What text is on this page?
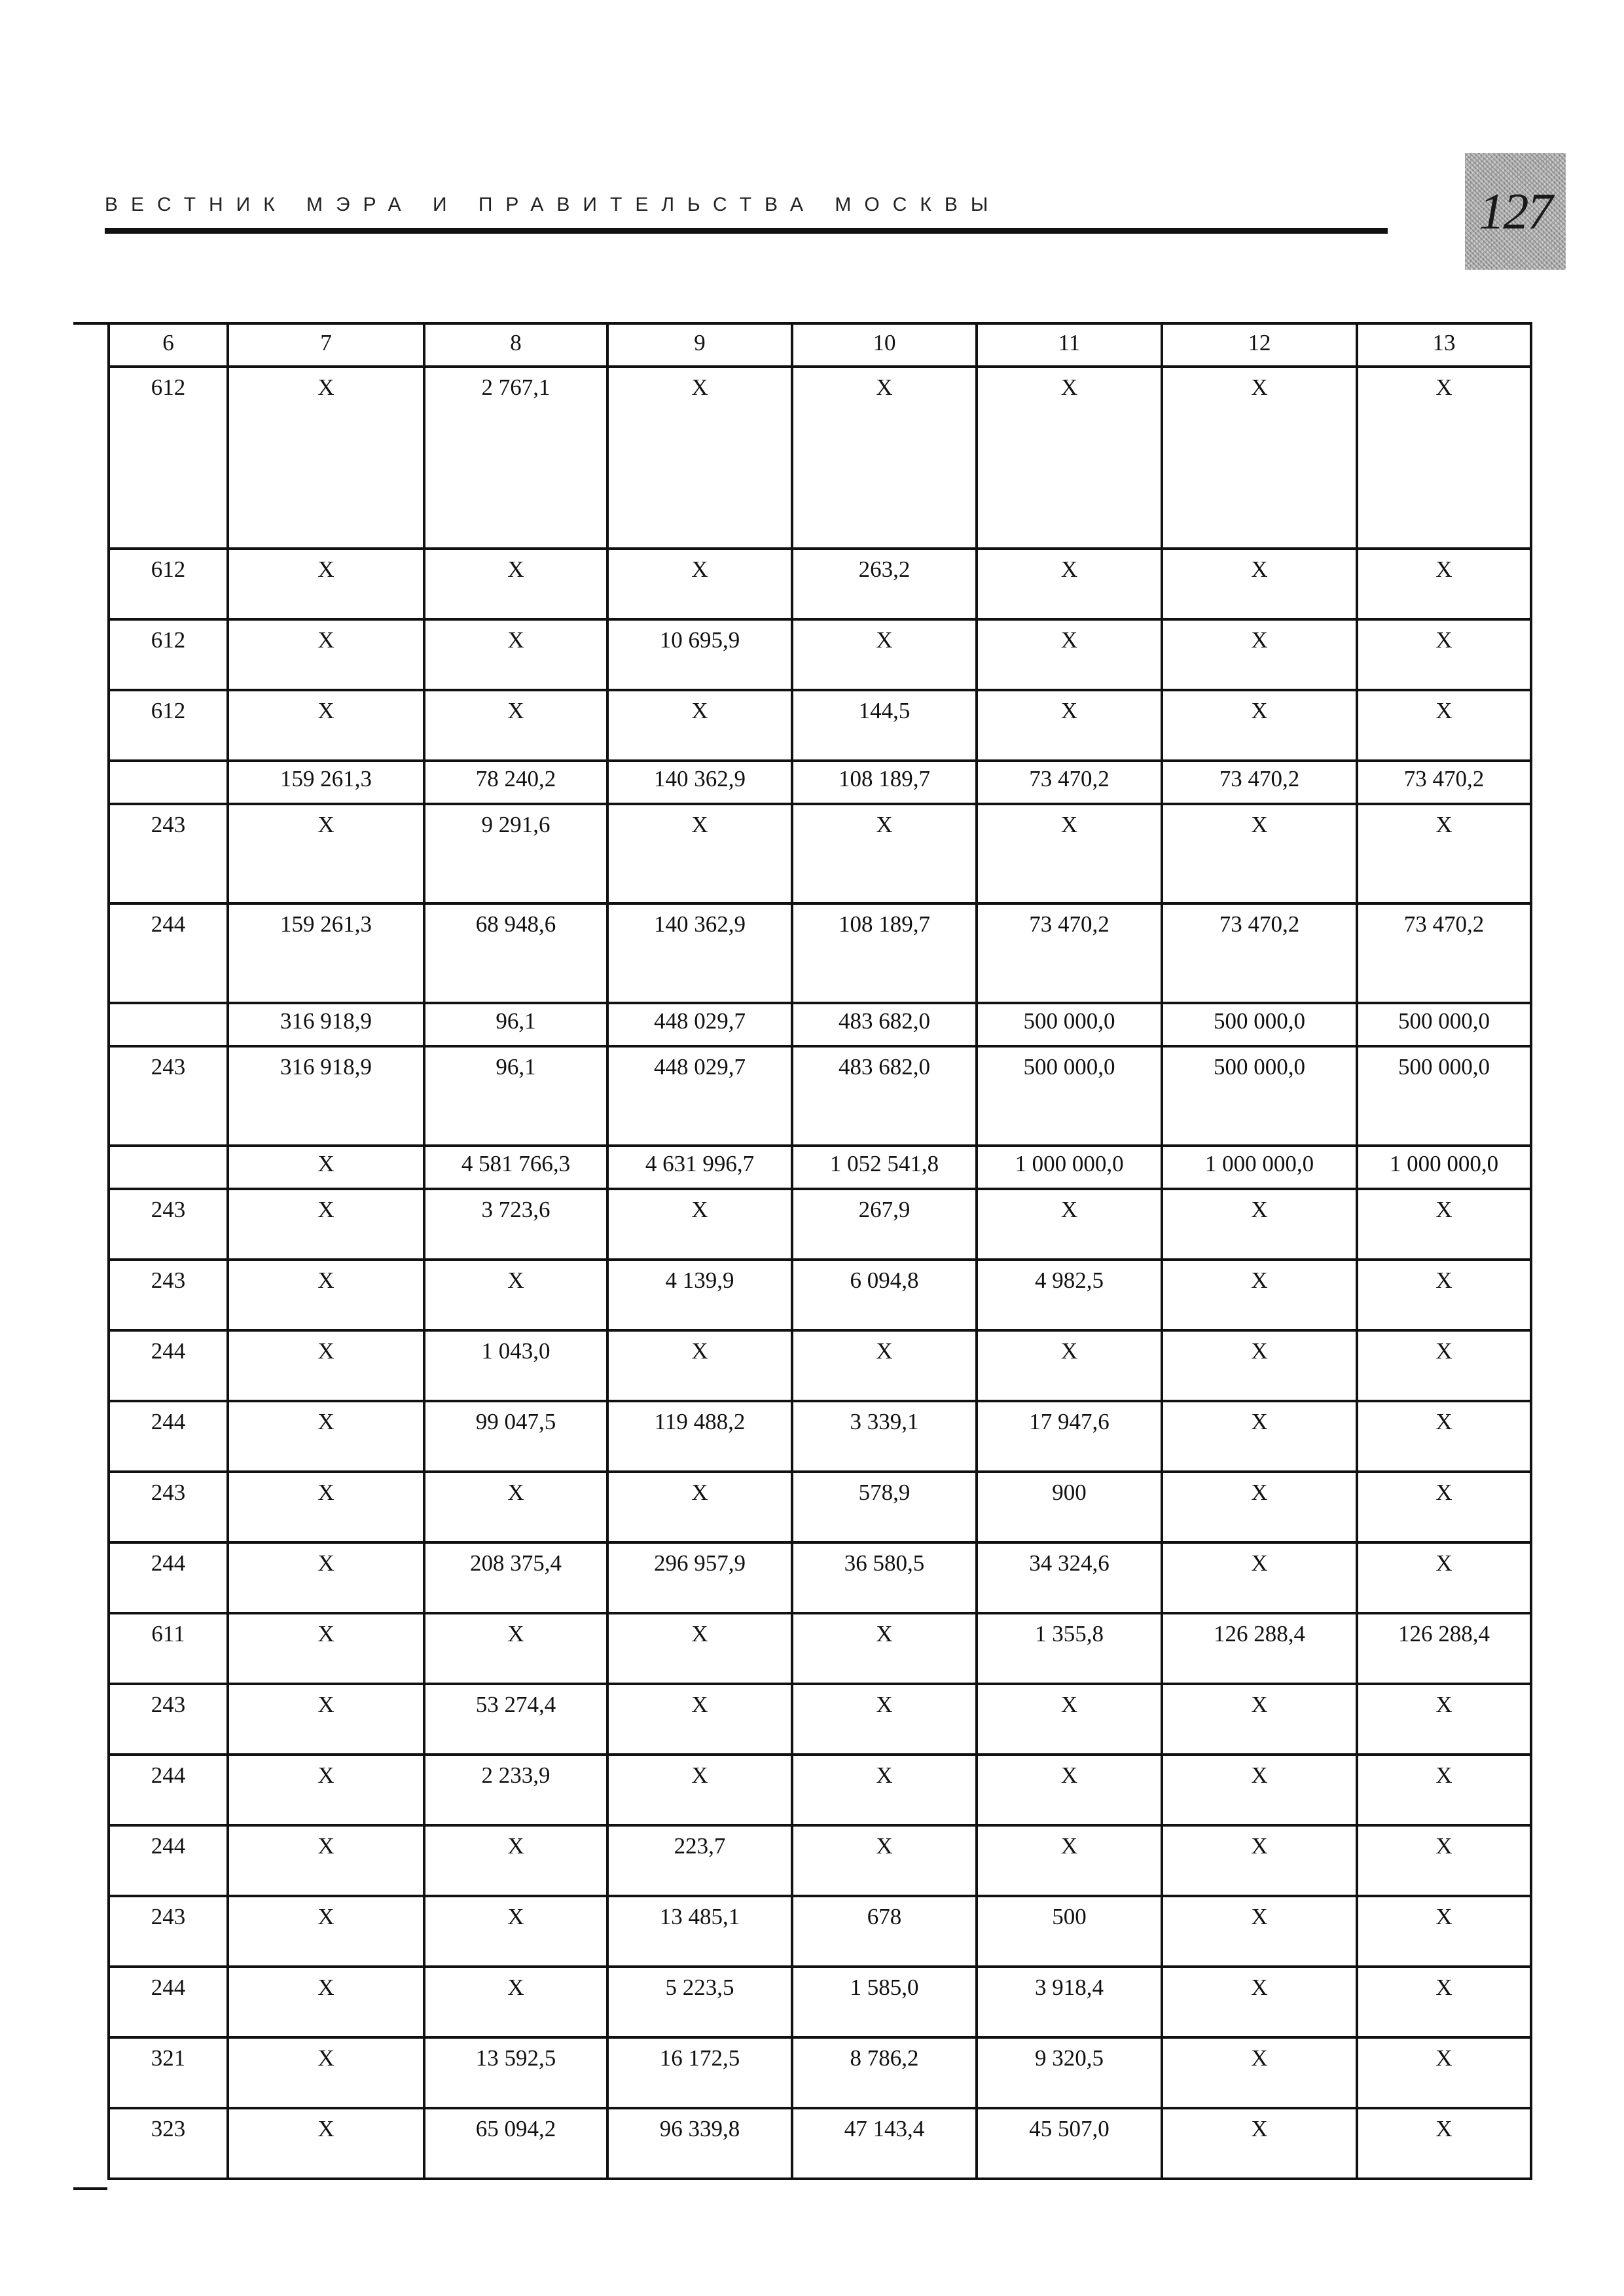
ВЕСТНИК МЭРА И ПРАВИТЕЛЬСТВА МОСКВЫ	127
6	7	8	9	10	11	12	13
612	Х	2 767,1	Х	Х	Х	Х	Х
612	Х	Х	Х	263,2	Х	Х	Х
612	Х	Х	10 695,9	Х	Х	Х	Х
612	Х	Х	Х	144,5	Х	Х	Х
	159 261,3	78 240,2	140 362,9	108 189,7	73 470,2	73 470,2	73 470,2
243	Х	9 291,6	Х	Х	Х	Х	Х
244	159 261,3	68 948,6	140 362,9	108 189,7	73 470,2	73 470,2	73 470,2
	316 918,9	96,1	448 029,7	483 682,0	500 000,0	500 000,0	500 000,0
243	316 918,9	96,1	448 029,7	483 682,0	500 000,0	500 000,0	500 000,0
	Х	4 581 766,3	4 631 996,7	1 052 541,8	1 000 000,0	1 000 000,0	1 000 000,0
243	Х	3 723,6	Х	267,9	Х	Х	Х
243	Х	Х	4 139,9	6 094,8	4 982,5	Х	Х
244	Х	1 043,0	Х	Х	Х	Х	Х
244	Х	99 047,5	119 488,2	3 339,1	17 947,6	Х	Х
243	Х	Х	Х	578,9	900	Х	Х
244	Х	208 375,4	296 957,9	36 580,5	34 324,6	Х	Х
611	Х	Х	Х	Х	1 355,8	126 288,4	126 288,4
243	Х	53 274,4	Х	Х	Х	Х	Х
244	Х	2 233,9	Х	Х	Х	Х	Х
244	Х	Х	223,7	Х	Х	Х	Х
243	Х	Х	13 485,1	678	500	Х	Х
244	Х	Х	5 223,5	1 585,0	3 918,4	Х	Х
321	Х	13 592,5	16 172,5	8 786,2	9 320,5	Х	Х
323	Х	65 094,2	96 339,8	47 143,4	45 507,0	Х	Х
